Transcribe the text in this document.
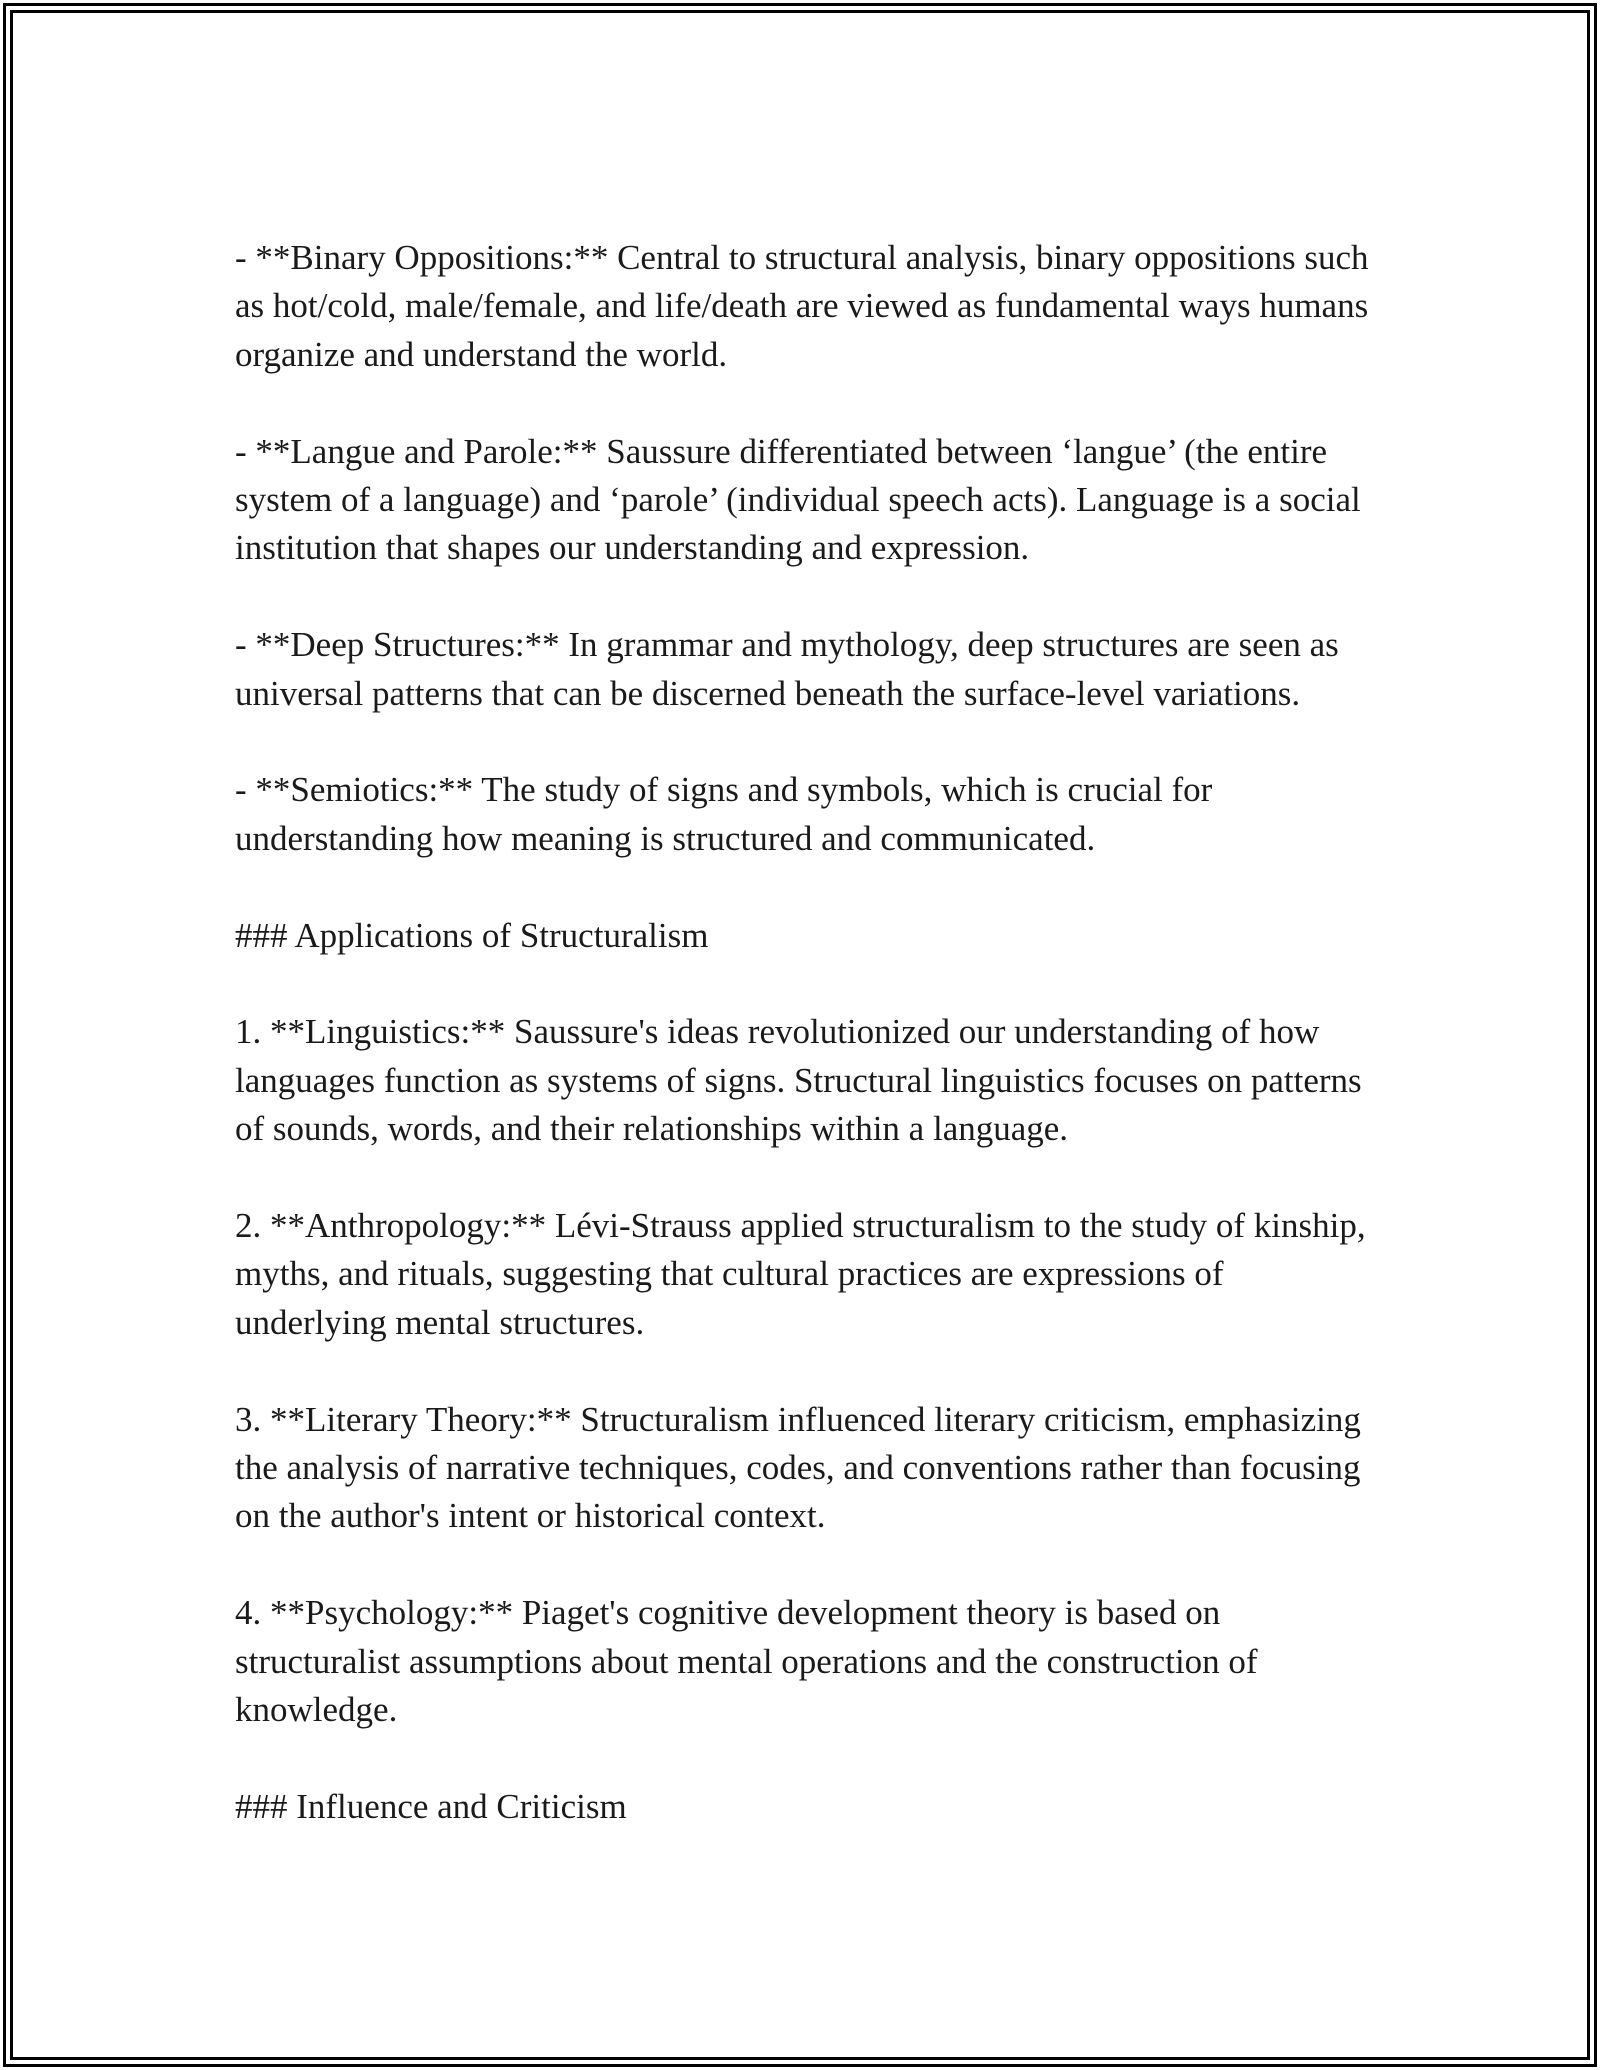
- **Binary Oppositions:** Central to structural analysis, binary oppositions such as hot/cold, male/female, and life/death are viewed as fundamental ways humans organize and understand the world.

- **Langue and Parole:** Saussure differentiated between ‘langue’ (the entire system of a language) and ‘parole’ (individual speech acts). Language is a social institution that shapes our understanding and expression.

- **Deep Structures:** In grammar and mythology, deep structures are seen as universal patterns that can be discerned beneath the surface-level variations.

- **Semiotics:** The study of signs and symbols, which is crucial for understanding how meaning is structured and communicated.

### Applications of Structuralism

1. **Linguistics:** Saussure's ideas revolutionized our understanding of how languages function as systems of signs. Structural linguistics focuses on patterns of sounds, words, and their relationships within a language.

2. **Anthropology:** Lévi-Strauss applied structuralism to the study of kinship, myths, and rituals, suggesting that cultural practices are expressions of underlying mental structures.

3. **Literary Theory:** Structuralism influenced literary criticism, emphasizing the analysis of narrative techniques, codes, and conventions rather than focusing on the author's intent or historical context.

4. **Psychology:** Piaget's cognitive development theory is based on structuralist assumptions about mental operations and the construction of knowledge.

### Influence and Criticism
